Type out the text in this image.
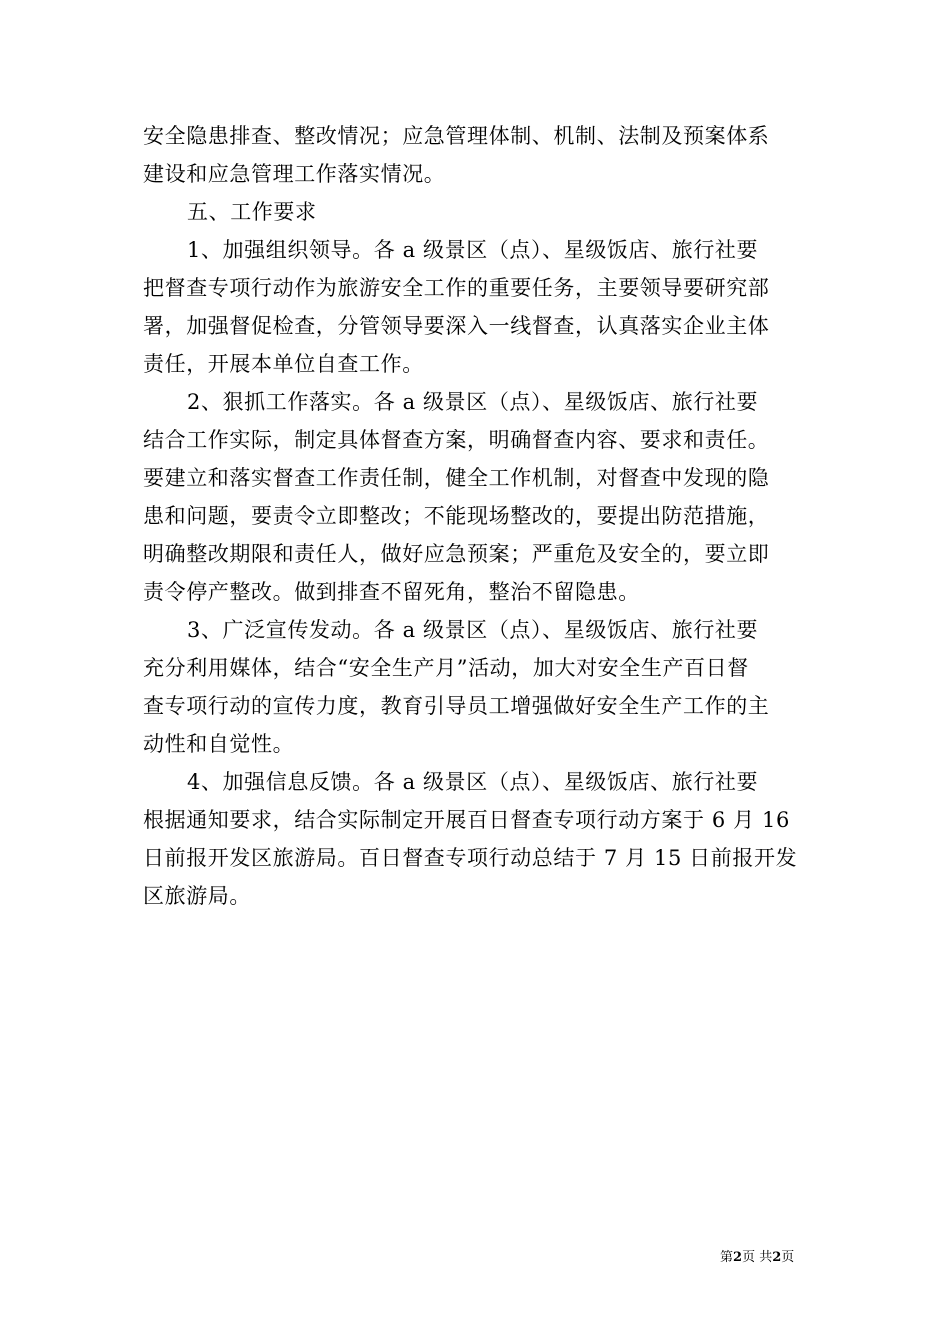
安全隐患排查、整改情况；应急管理体制、机制、法制及预案体系
建设和应急管理工作落实情况。
五、工作要求
1、加强组织领导。各 a 级景区（点）、星级饭店、旅行社要
把督查专项行动作为旅游安全工作的重要任务，主要领导要研究部
署，加强督促检查，分管领导要深入一线督查，认真落实企业主体
责任，开展本单位自查工作。
2、狠抓工作落实。各 a 级景区（点）、星级饭店、旅行社要
结合工作实际，制定具体督查方案，明确督查内容、要求和责任。
要建立和落实督查工作责任制，健全工作机制，对督查中发现的隐
患和问题，要责令立即整改；不能现场整改的，要提出防范措施，
明确整改期限和责任人，做好应急预案；严重危及安全的，要立即
责令停产整改。做到排查不留死角，整治不留隐患。
3、广泛宣传发动。各 a 级景区（点）、星级饭店、旅行社要
充分利用媒体，结合“安全生产月”活动，加大对安全生产百日督
查专项行动的宣传力度，教育引导员工增强做好安全生产工作的主
动性和自觉性。
4、加强信息反馈。各 a 级景区（点）、星级饭店、旅行社要
根据通知要求，结合实际制定开展百日督查专项行动方案于 6 月 16
日前报开发区旅游局。百日督查专项行动总结于 7 月 15 日前报开发
区旅游局。
第2页 共2页
